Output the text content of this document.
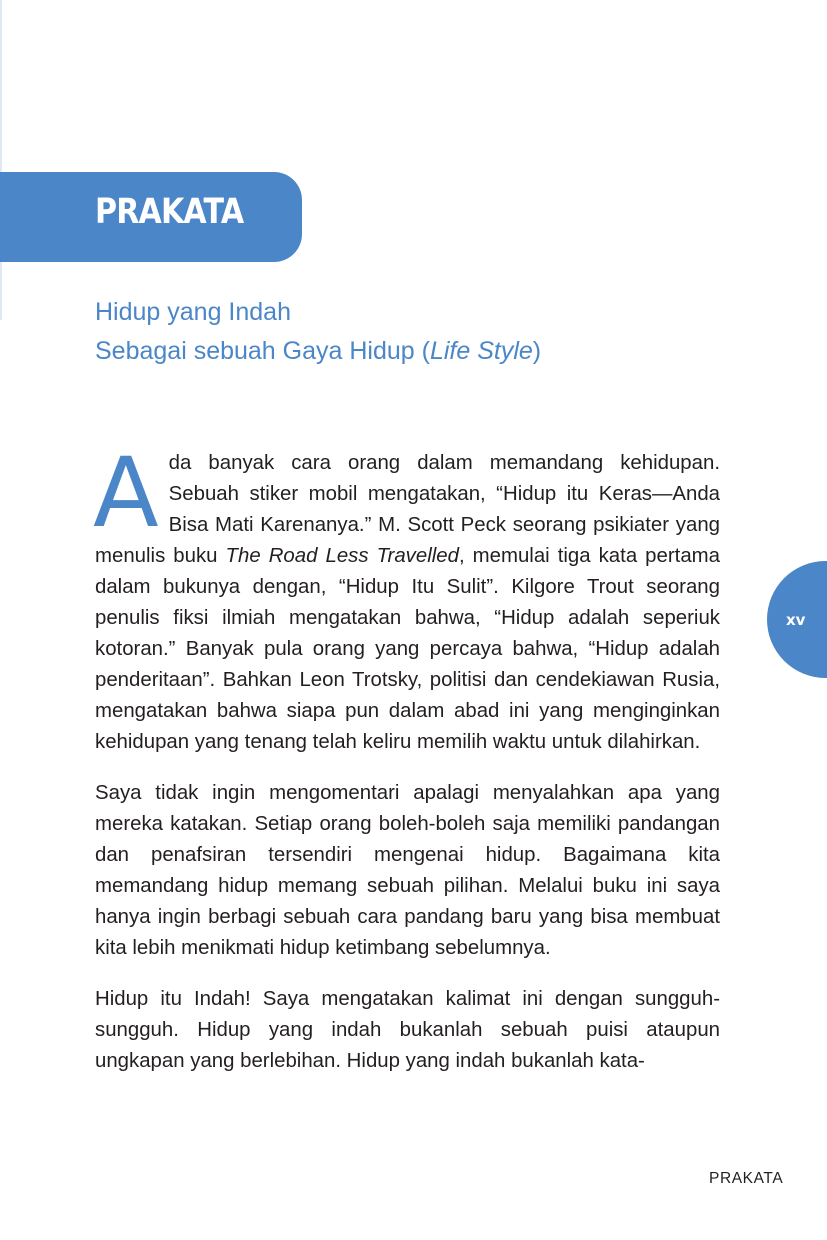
PRAKATA
Hidup yang Indah
Sebagai sebuah Gaya Hidup (Life Style)

Ada banyak cara orang dalam memandang kehidupan. Sebuah stiker mobil mengatakan, “Hidup itu Keras—Anda Bisa Mati Karenanya.” M. Scott Peck seorang psikiater yang menulis buku The Road Less Travelled, memulai tiga kata pertama dalam bukunya dengan, “Hidup Itu Sulit”. Kilgore Trout seorang penulis fiksi ilmiah mengatakan bahwa, “Hidup adalah seperiuk kotoran.” Banyak pula orang yang percaya bahwa, “Hidup adalah penderitaan”. Bahkan Leon Trotsky, politisi dan cendekiawan Rusia, mengatakan bahwa siapa pun dalam abad ini yang menginginkan kehidupan yang tenang telah keliru memilih waktu untuk dilahirkan.

Saya tidak ingin mengomentari apalagi menyalahkan apa yang mereka katakan. Setiap orang boleh-boleh saja memiliki pandangan dan penafsiran tersendiri mengenai hidup. Bagaimana kita memandang hidup memang sebuah pilihan. Melalui buku ini saya hanya ingin berbagi sebuah cara pandang baru yang bisa membuat kita lebih menikmati hidup ketimbang sebelumnya.

Hidup itu Indah! Saya mengatakan kalimat ini dengan sungguh-sungguh. Hidup yang indah bukanlah sebuah puisi ataupun ungkapan yang berlebihan. Hidup yang indah bukanlah kata-

xv

PRAKATA
